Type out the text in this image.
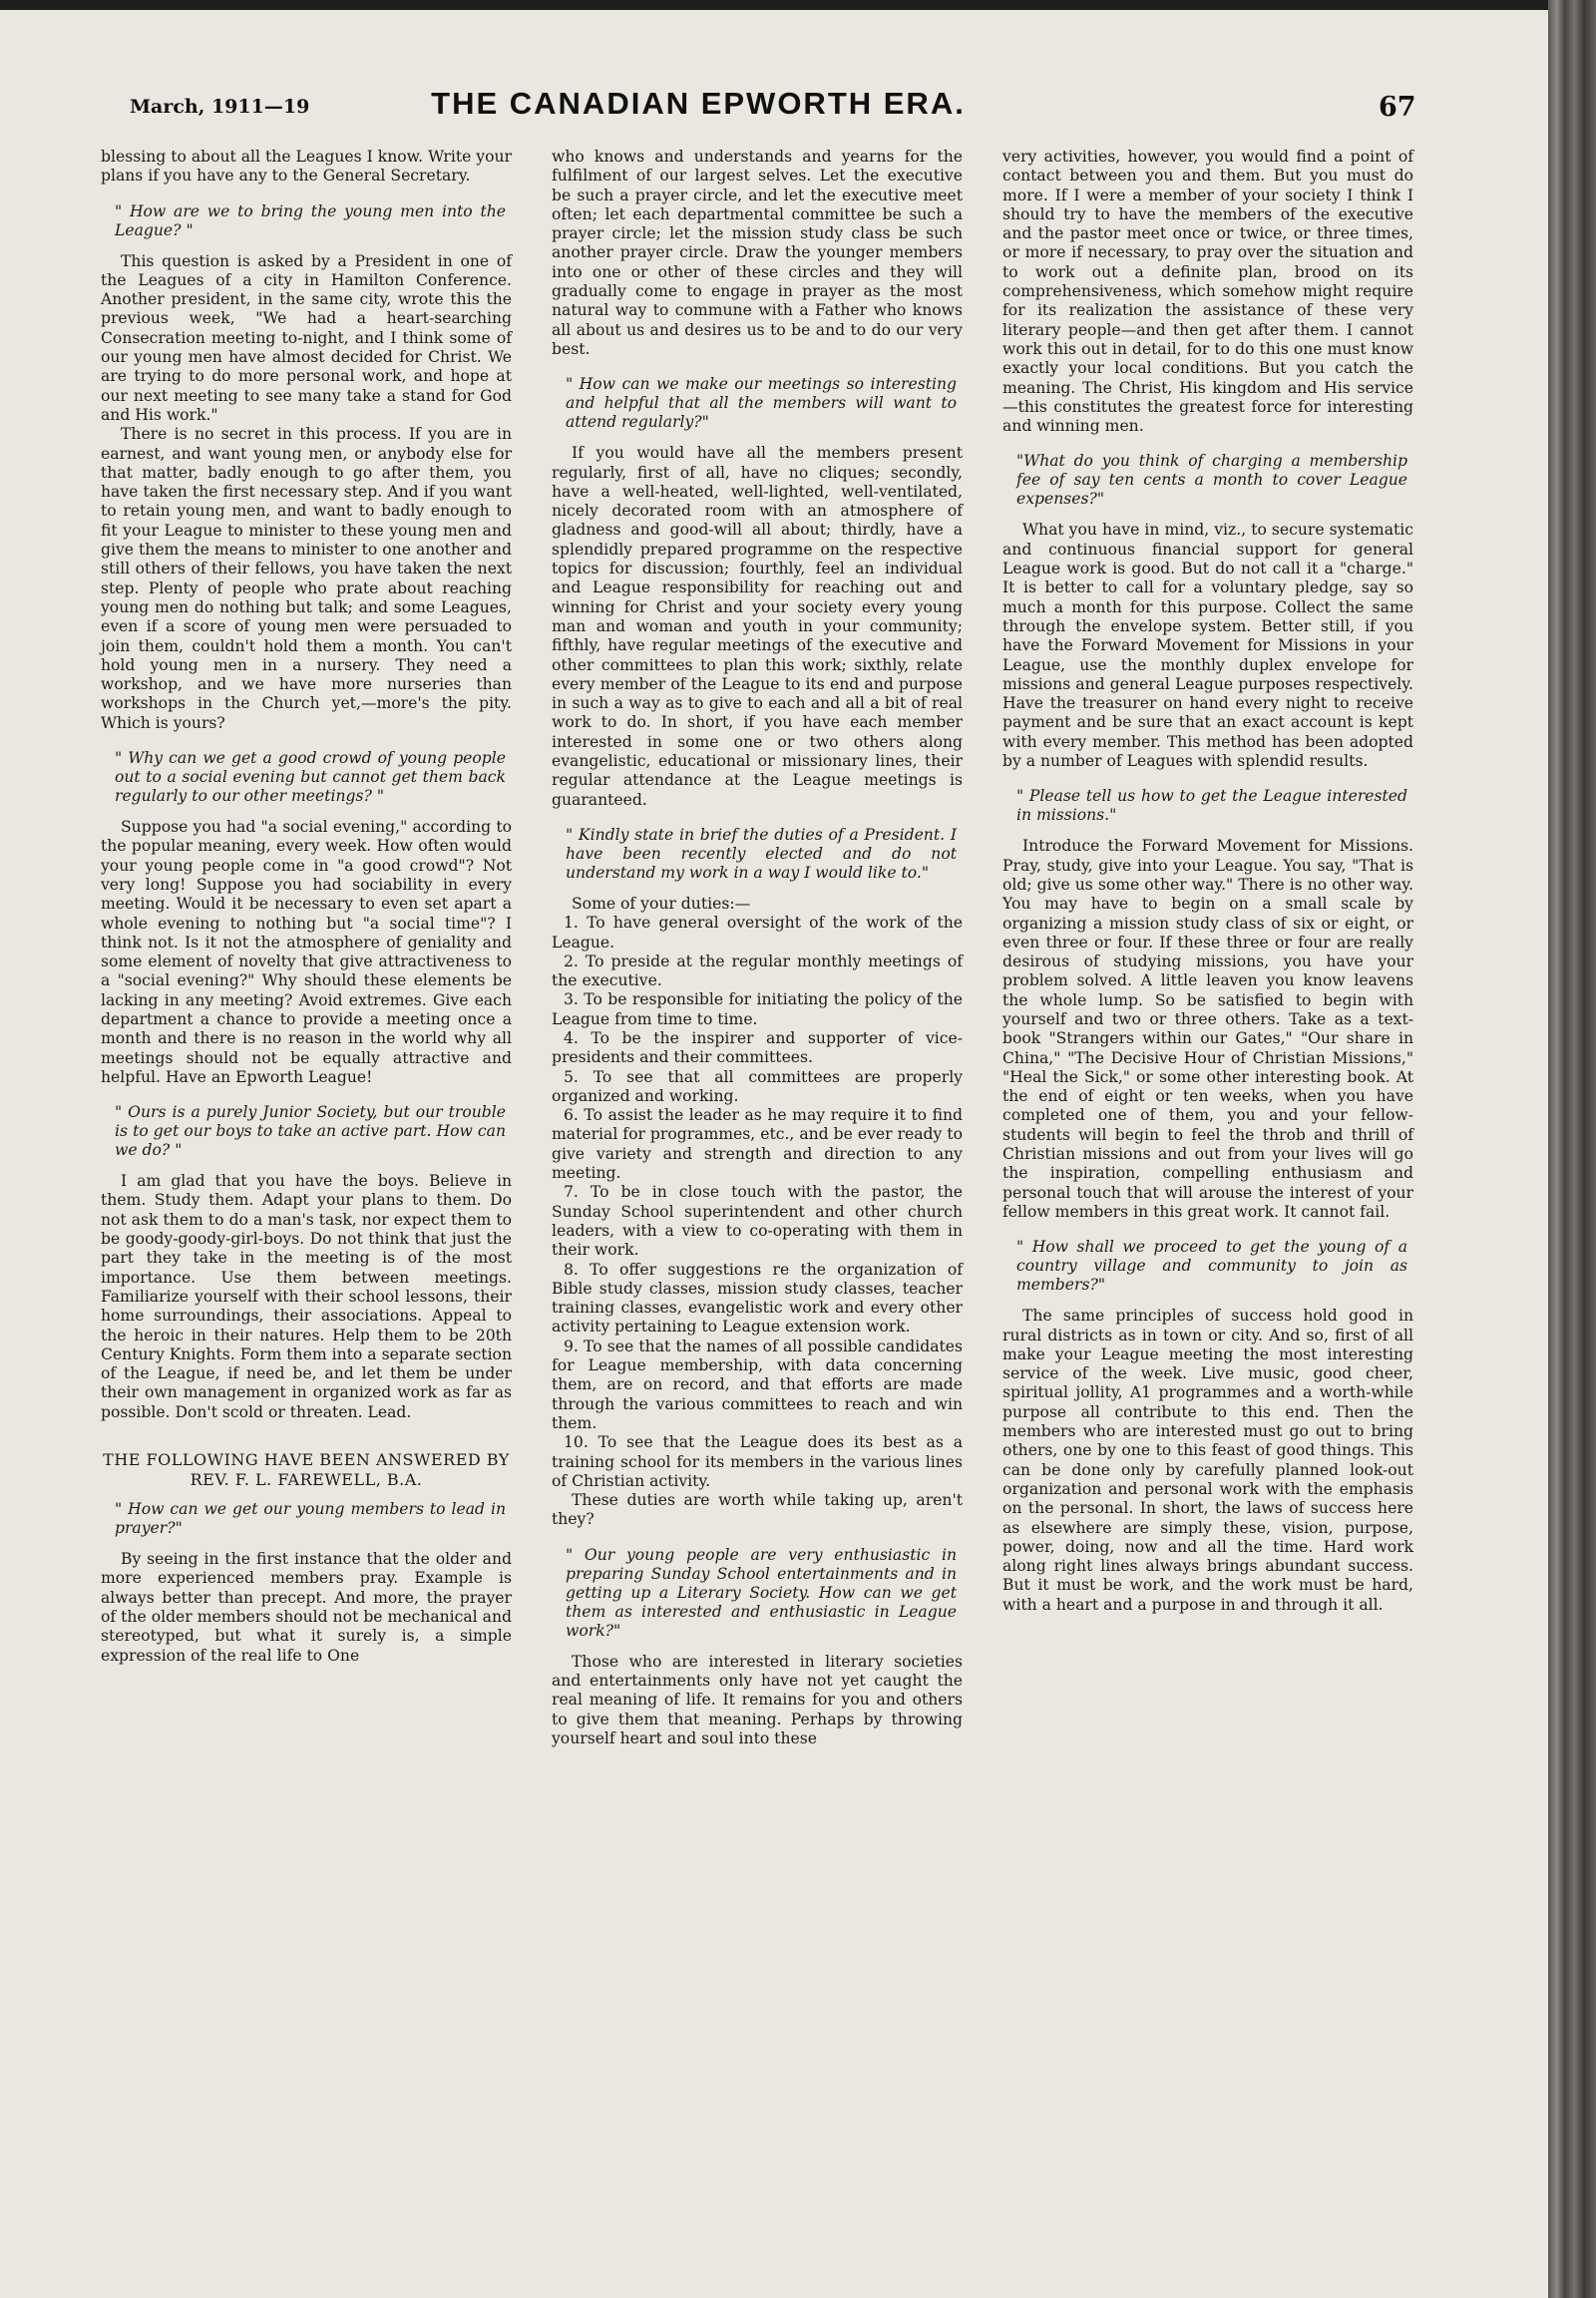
March, 1911—19	THE CANADIAN EPWORTH ERA.	67

blessing to about all the Leagues I know. Write your plans if you have any to the General Secretary.

" How are we to bring the young men into the League? "

This question is asked by a President in one of the Leagues of a city in Hamilton Conference. Another president, in the same city, wrote this the previous week, "We had a heart-searching Consecration meeting to-night, and I think some of our young men have almost decided for Christ. We are trying to do more personal work, and hope at our next meeting to see many take a stand for God and His work."

There is no secret in this process. If you are in earnest, and want young men, or anybody else for that matter, badly enough to go after them, you have taken the first necessary step. And if you want to retain young men, and want to badly enough to fit your League to minister to these young men and give them the means to minister to one another and still others of their fellows, you have taken the next step. Plenty of people who prate about reaching young men do nothing but talk; and some Leagues, even if a score of young men were persuaded to join them, couldn't hold them a month. You can't hold young men in a nursery. They need a workshop, and we have more nurseries than workshops in the Church yet,—more's the pity. Which is yours?

" Why can we get a good crowd of young people out to a social evening but cannot get them back regularly to our other meetings? "

Suppose you had "a social evening," according to the popular meaning, every week. How often would your young people come in "a good crowd"? Not very long! Suppose you had sociability in every meeting. Would it be necessary to even set apart a whole evening to nothing but "a social time"? I think not. Is it not the atmosphere of geniality and some element of novelty that give attractiveness to a "social evening?" Why should these elements be lacking in any meeting? Avoid extremes. Give each department a chance to provide a meeting once a month and there is no reason in the world why all meetings should not be equally attractive and helpful. Have an Epworth League!

" Ours is a purely Junior Society, but our trouble is to get our boys to take an active part. How can we do? "

I am glad that you have the boys. Believe in them. Study them. Adapt your plans to them. Do not ask them to do a man's task, nor expect them to be goody-goody-girl-boys. Do not think that just the part they take in the meeting is of the most importance. Use them between meetings. Familiarize yourself with their school lessons, their home surroundings, their associations. Appeal to the heroic in their natures. Help them to be 20th Century Knights. Form them into a separate section of the League, if need be, and let them be under their own management in organized work as far as possible. Don't scold or threaten. Lead.

THE FOLLOWING HAVE BEEN ANSWERED BY REV. F. L. FAREWELL, B.A.

" How can we get our young members to lead in prayer?"

By seeing in the first instance that the older and more experienced members pray. Example is always better than precept. And more, the prayer of the older members should not be mechanical and stereotyped, but what it surely is, a simple expression of the real life to One

who knows and understands and yearns for the fulfilment of our largest selves. Let the executive be such a prayer circle, and let the executive meet often; let each departmental committee be such a prayer circle; let the mission study class be such another prayer circle. Draw the younger members into one or other of these circles and they will gradually come to engage in prayer as the most natural way to commune with a Father who knows all about us and desires us to be and to do our very best.

" How can we make our meetings so interesting and helpful that all the members will want to attend regularly?"

If you would have all the members present regularly, first of all, have no cliques; secondly, have a well-heated, well-lighted, well-ventilated, nicely decorated room with an atmosphere of gladness and good-will all about; thirdly, have a splendidly prepared programme on the respective topics for discussion; fourthly, feel an individual and League responsibility for reaching out and winning for Christ and your society every young man and woman and youth in your community; fifthly, have regular meetings of the executive and other committees to plan this work; sixthly, relate every member of the League to its end and purpose in such a way as to give to each and all a bit of real work to do. In short, if you have each member interested in some one or two others along evangelistic, educational or missionary lines, their regular attendance at the League meetings is guaranteed.

" Kindly state in brief the duties of a President. I have been recently elected and do not understand my work in a way I would like to."

Some of your duties:—

1. To have general oversight of the work of the League.

2. To preside at the regular monthly meetings of the executive.

3. To be responsible for initiating the policy of the League from time to time.

4. To be the inspirer and supporter of vice-presidents and their committees.

5. To see that all committees are properly organized and working.

6. To assist the leader as he may require it to find material for programmes, etc., and be ever ready to give variety and strength and direction to any meeting.

7. To be in close touch with the pastor, the Sunday School superintendent and other church leaders, with a view to co-operating with them in their work.

8. To offer suggestions re the organization of Bible study classes, mission study classes, teacher training classes, evangelistic work and every other activity pertaining to League extension work.

9. To see that the names of all possible candidates for League membership, with data concerning them, are on record, and that efforts are made through the various committees to reach and win them.

10. To see that the League does its best as a training school for its members in the various lines of Christian activity.

These duties are worth while taking up, aren't they?

" Our young people are very enthusiastic in preparing Sunday School entertainments and in getting up a Literary Society. How can we get them as interested and enthusiastic in League work?"

Those who are interested in literary societies and entertainments only have not yet caught the real meaning of life. It remains for you and others to give them that meaning. Perhaps by throwing yourself heart and soul into these

very activities, however, you would find a point of contact between you and them. But you must do more. If I were a member of your society I think I should try to have the members of the executive and the pastor meet once or twice, or three times, or more if necessary, to pray over the situation and to work out a definite plan, brood on its comprehensiveness, which somehow might require for its realization the assistance of these very literary people—and then get after them. I cannot work this out in detail, for to do this one must know exactly your local conditions. But you catch the meaning. The Christ, His kingdom and His service—this constitutes the greatest force for interesting and winning men.

"What do you think of charging a membership fee of say ten cents a month to cover League expenses?"

What you have in mind, viz., to secure systematic and continuous financial support for general League work is good. But do not call it a "charge." It is better to call for a voluntary pledge, say so much a month for this purpose. Collect the same through the envelope system. Better still, if you have the Forward Movement for Missions in your League, use the monthly duplex envelope for missions and general League purposes respectively. Have the treasurer on hand every night to receive payment and be sure that an exact account is kept with every member. This method has been adopted by a number of Leagues with splendid results.

" Please tell us how to get the League interested in missions."

Introduce the Forward Movement for Missions. Pray, study, give into your League. You say, "That is old; give us some other way." There is no other way. You may have to begin on a small scale by organizing a mission study class of six or eight, or even three or four. If these three or four are really desirous of studying missions, you have your problem solved. A little leaven you know leavens the whole lump. So be satisfied to begin with yourself and two or three others. Take as a text-book "Strangers within our Gates," "Our share in China," "The Decisive Hour of Christian Missions," "Heal the Sick," or some other interesting book. At the end of eight or ten weeks, when you have completed one of them, you and your fellow-students will begin to feel the throb and thrill of Christian missions and out from your lives will go the inspiration, compelling enthusiasm and personal touch that will arouse the interest of your fellow members in this great work. It cannot fail.

" How shall we proceed to get the young of a country village and community to join as members?"

The same principles of success hold good in rural districts as in town or city. And so, first of all make your League meeting the most interesting service of the week. Live music, good cheer, spiritual jollity, A1 programmes and a worth-while purpose all contribute to this end. Then the members who are interested must go out to bring others, one by one to this feast of good things. This can be done only by carefully planned look-out organization and personal work with the emphasis on the personal. In short, the laws of success here as elsewhere are simply these, vision, purpose, power, doing, now and all the time. Hard work along right lines always brings abundant success. But it must be work, and the work must be hard, with a heart and a purpose in and through it all.
